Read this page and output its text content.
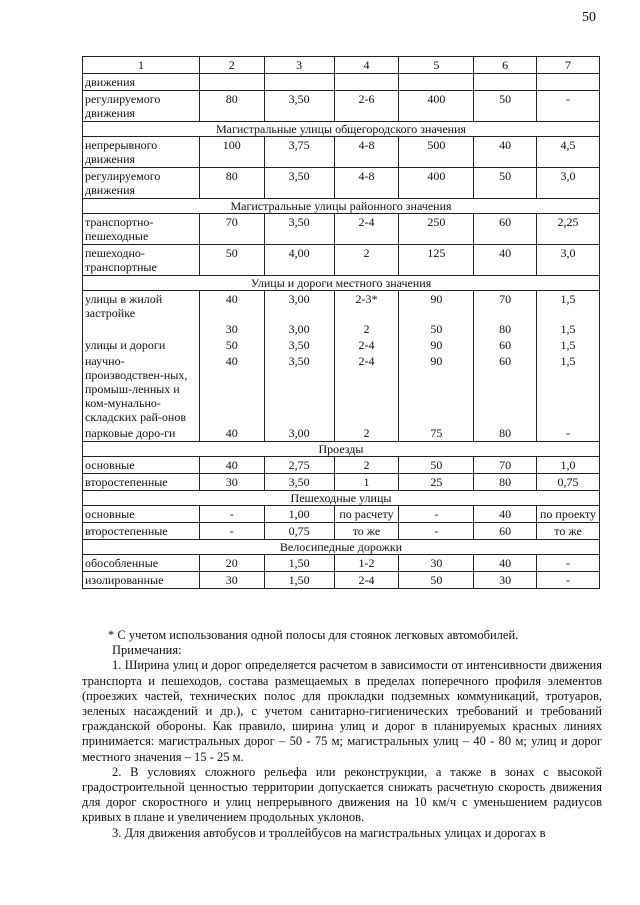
50
1	2	3	4	5	6	7
движения						
регулируемого движения	80	3,50	2-6	400	50	-
Магистральные улицы общегородского значения						
непрерывного движения	100	3,75	4-8	500	40	4,5
регулируемого движения	80	3,50	4-8	400	50	3,0
Магистральные улицы районного значения						
транспортно-пешеходные	70	3,50	2-4	250	60	2,25
пешеходно-транспортные	50	4,00	2	125	40	3,0
Улицы и дороги местного значения						
улицы в жилой застройке	40	3,00	2-3*	90	70	1,5
	30	3,00	2	50	80	1,5
улицы и дороги	50	3,50	2-4	90	60	1,5
научно-производствен-ных, промыш-ленных и ком-мунально-складских рай-онов	40	3,50	2-4	90	60	1,5
парковые доро-ги	40	3,00	2	75	80	-
Проезды						
основные	40	2,75	2	50	70	1,0
второстепенные	30	3,50	1	25	80	0,75
Пешеходные улицы						
основные	-	1,00	по расчету	-	40	по проекту
второстепенные	-	0,75	то же	-	60	то же
Велосипедные дорожки						
обособленные	20	1,50	1-2	30	40	-
изолированные	30	1,50	2-4	50	30	-

* С учетом использования одной полосы для стоянок легковых автомобилей.

Примечания:

1. Ширина улиц и дорог определяется расчетом в зависимости от интенсивности движения транспорта и пешеходов, состава размещаемых в пределах поперечного профиля элементов (проезжих частей, технических полос для прокладки подземных коммуникаций, тротуаров, зеленых насаждений и др.), с учетом санитарно-гигиенических требований и требований гражданской обороны. Как правило, ширина улиц и дорог в планируемых красных линиях принимается: магистральных дорог – 50 - 75 м; магистральных улиц – 40 - 80 м; улиц и дорог местного значения – 15 - 25 м.

2. В условиях сложного рельефа или реконструкции, а также в зонах с высокой градостроительной ценностью территории допускается снижать расчетную скорость движения для дорог скоростного и улиц непрерывного движения на 10 км/ч с уменьшением радиусов кривых в плане и увеличением продольных уклонов.

3. Для движения автобусов и троллейбусов на магистральных улицах и дорогах в
